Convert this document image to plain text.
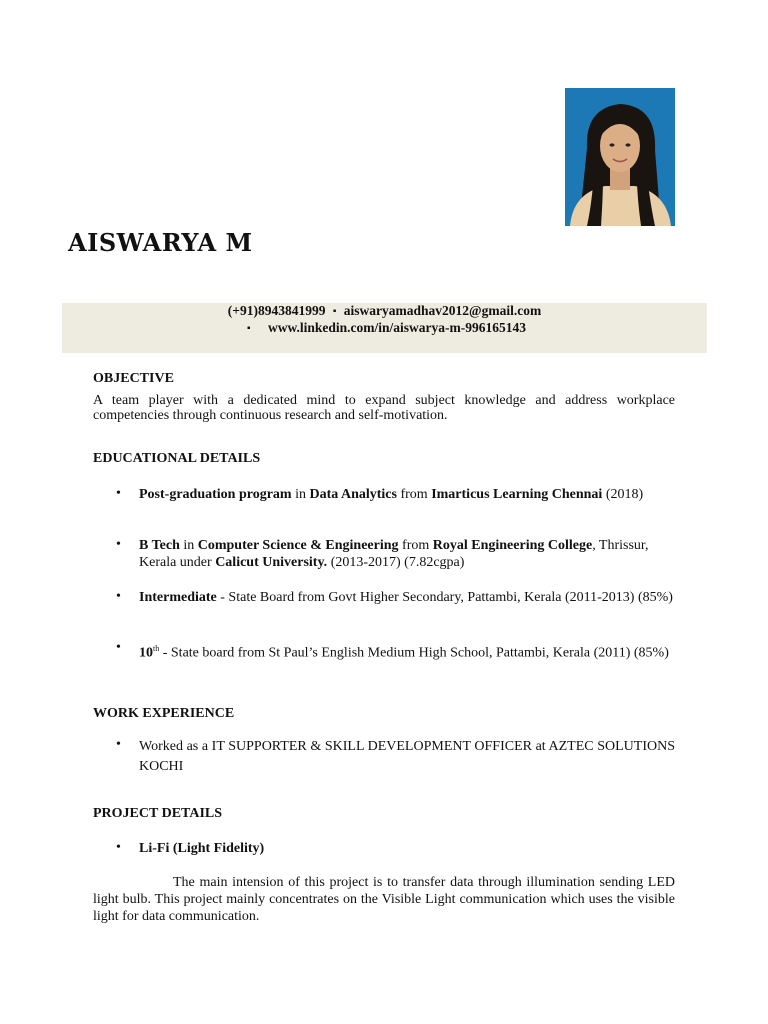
AISWARYA M
(+91)8943841999 ▪ aiswaryamadhav2012@gmail.com
▪ www.linkedin.com/in/aiswarya-m-996165143
OBJECTIVE
A team player with a dedicated mind to expand subject knowledge and address workplace competencies through continuous research and self-motivation.
EDUCATIONAL DETAILS
• Post-graduation program in Data Analytics from Imarticus Learning Chennai (2018)
• B Tech in Computer Science & Engineering from Royal Engineering College, Thrissur, Kerala under Calicut University. (2013-2017) (7.82cgpa)
• Intermediate - State Board from Govt Higher Secondary, Pattambi, Kerala (2011-2013) (85%)
• 10th - State board from St Paul’s English Medium High School, Pattambi, Kerala (2011) (85%)
WORK EXPERIENCE
• Worked as a IT SUPPORTER & SKILL DEVELOPMENT OFFICER at AZTEC SOLUTIONS KOCHI
PROJECT DETAILS
• Li-Fi (Light Fidelity)
The main intension of this project is to transfer data through illumination sending LED light bulb. This project mainly concentrates on the Visible Light communication which uses the visible light for data communication.
